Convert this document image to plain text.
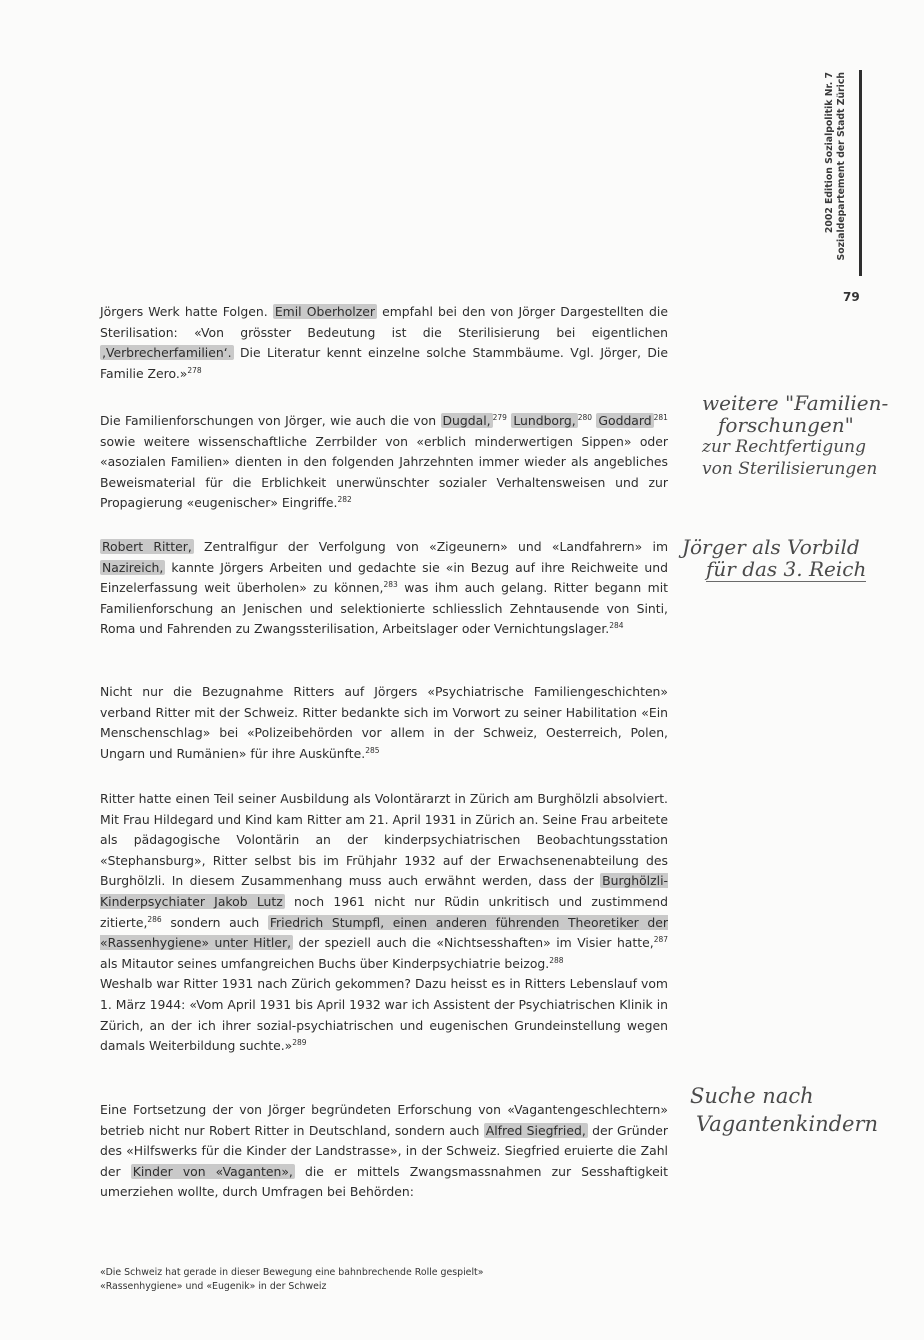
2002 Edition Sozialpolitik Nr. 7 Sozialdepartement der Stadt Zürich
79

Jörgers Werk hatte Folgen. Emil Oberholzer empfahl bei den von Jörger Dargestellten die Sterilisation: «Von grösster Bedeutung ist die Sterilisierung bei eigentlichen ‚Verbrecherfamilien‘. Die Literatur kennt einzelne solche Stammbäume. Vgl. Jörger, Die Familie Zero.»$^{278}$

Die Familienforschungen von Jörger, wie auch die von Dugdal, $^{279}$ Lundborg, $^{280}$ Goddard $^{281}$ sowie weitere wissenschaftliche Zerrbilder von «erblich minderwertigen Sippen» oder «asozialen Familien» dienten in den folgenden Jahrzehnten immer wieder als angebliches Beweismaterial für die Erblichkeit unerwünschter sozialer Verhaltensweisen und zur Propagierung «eugenischer» Eingriffe.$^{282}$

Robert Ritter, Zentralfigur der Verfolgung von «Zigeunern» und «Landfahrern» im Nazireich, kannte Jörgers Arbeiten und gedachte sie «in Bezug auf ihre Reichweite und Einzelerfassung weit überholen» zu können,$^{283}$ was ihm auch gelang. Ritter begann mit Familienforschung an Jenischen und selektionierte schliesslich Zehntausende von Sinti, Roma und Fahrenden zu Zwangssterilisation, Arbeitslager oder Vernichtungslager.$^{284}$

Nicht nur die Bezugnahme Ritters auf Jörgers «Psychiatrische Familiengeschichten» verband Ritter mit der Schweiz. Ritter bedankte sich im Vorwort zu seiner Habilitation «Ein Menschenschlag» bei «Polizeibehörden vor allem in der Schweiz, Oesterreich, Polen, Ungarn und Rumänien» für ihre Auskünfte.$^{285}$

Ritter hatte einen Teil seiner Ausbildung als Volontärarzt in Zürich am Burghölzli absolviert. Mit Frau Hildegard und Kind kam Ritter am 21. April 1931 in Zürich an. Seine Frau arbeitete als pädagogische Volontärin an der kinderpsychiatrischen Beobachtungsstation «Stephansburg», Ritter selbst bis im Frühjahr 1932 auf der Erwachsenenabteilung des Burghölzli. In diesem Zusammenhang muss auch erwähnt werden, dass der Burghölzli-Kinderpsychiater Jakob Lutz noch 1961 nicht nur Rüdin unkritisch und zustimmend zitierte,$^{286}$ sondern auch Friedrich Stumpfl, einen anderen führenden Theoretiker der «Rassenhygiene» unter Hitler, der speziell auch die «Nichtsesshaften» im Visier hatte,$^{287}$ als Mitautor seines umfangreichen Buchs über Kinderpsychiatrie beizog.$^{288}$
Weshalb war Ritter 1931 nach Zürich gekommen? Dazu heisst es in Ritters Lebenslauf vom 1. März 1944: «Vom April 1931 bis April 1932 war ich Assistent der Psychiatrischen Klinik in Zürich, an der ich ihrer sozial-psychiatrischen und eugenischen Grundeinstellung wegen damals Weiterbildung suchte.»$^{289}$

Eine Fortsetzung der von Jörger begründeten Erforschung von «Vagantengeschlechtern» betrieb nicht nur Robert Ritter in Deutschland, sondern auch Alfred Siegfried, der Gründer des «Hilfswerks für die Kinder der Landstrasse», in der Schweiz. Siegfried eruierte die Zahl der Kinder von «Vaganten», die er mittels Zwangsmassnahmen zur Sesshaftigkeit umerziehen wollte, durch Umfragen bei Behörden:

«Die Schweiz hat gerade in dieser Bewegung eine bahnbrechende Rolle gespielt»
«Rassenhygiene» und «Eugenik» in der Schweiz
weitere "Familien-
forschungen"
zur Rechtfertigung
von Sterilisierungen
Jörger als Vorbild
für das 3. Reich
Suche nach
Vagantenkindern
